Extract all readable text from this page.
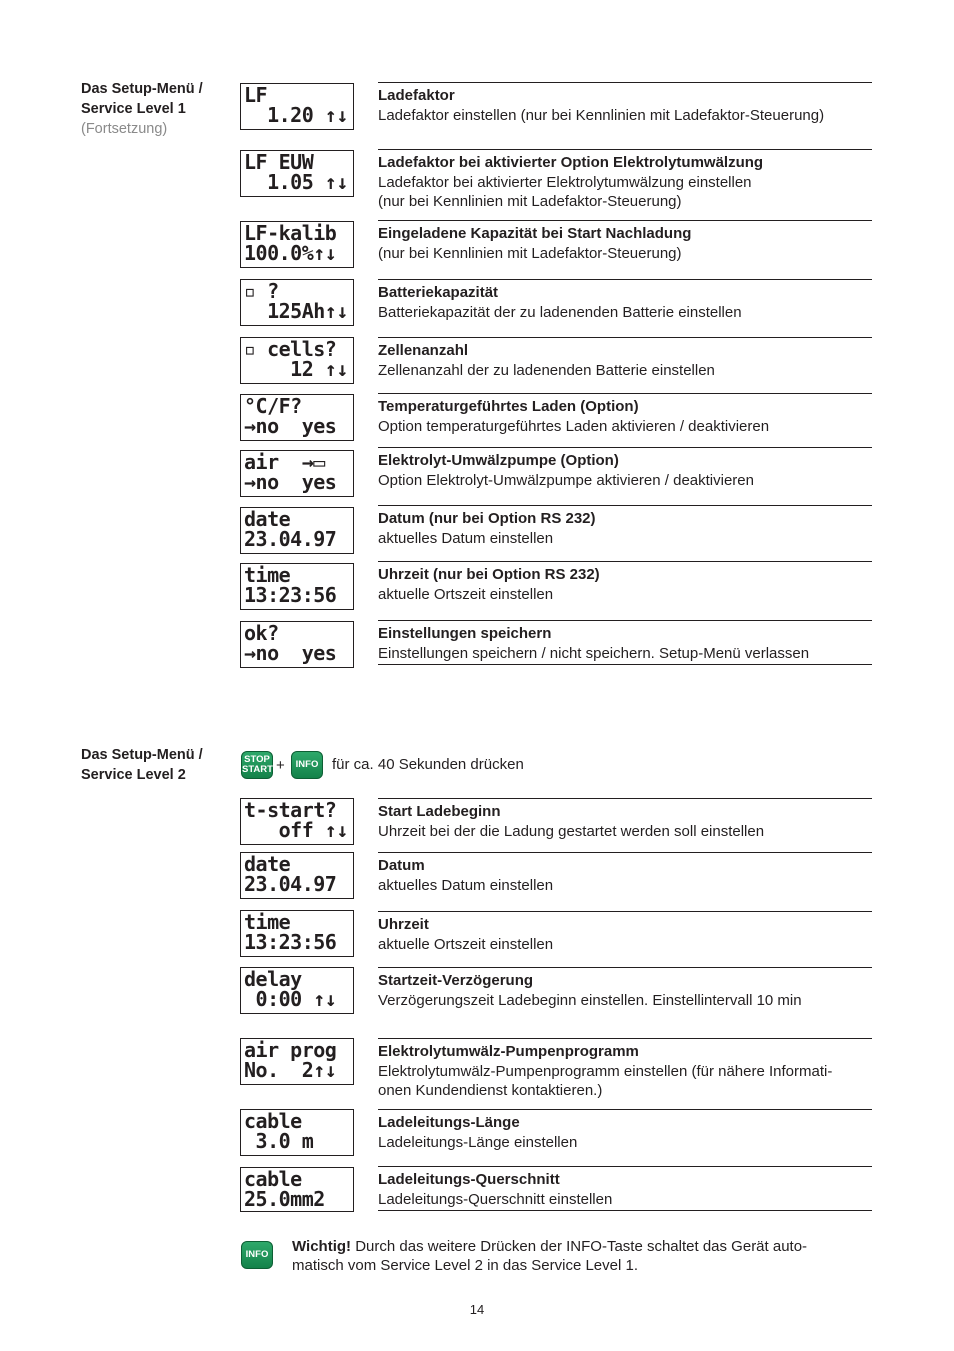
Das Setup-Menü /
Service Level 1
(Fortsetzung)
LF
1.20 ↑↓
Ladefaktor
Ladefaktor einstellen (nur bei Kennlinien mit Ladefaktor-Steuerung)
LF EUW
1.05 ↑↓
Ladefaktor bei aktivierter Option Elektrolytumwälzung
Ladefaktor bei aktivierter Elektrolytumwälzung einstellen
(nur bei Kennlinien mit Ladefaktor-Steuerung)
LF-kalib
100.0%↑↓
Eingeladene Kapazität bei Start Nachladung
(nur bei Kennlinien mit Ladefaktor-Steuerung)
▫ ?
125Ah↑↓
Batteriekapazität
Batteriekapazität der zu ladenenden Batterie einstellen
▫ cells?
12 ↑↓
Zellenanzahl
Zellenanzahl der zu ladenenden Batterie einstellen
°C/F?
→no  yes
Temperaturgeführtes Laden (Option)
Option temperaturgeführtes Laden aktivieren / deaktivieren
air  →▭
→no  yes
Elektrolyt-Umwälzpumpe (Option)
Option Elektrolyt-Umwälzpumpe aktivieren / deaktivieren
date
23.04.97
Datum (nur bei Option RS 232)
aktuelles Datum einstellen
time
13:23:56
Uhrzeit (nur bei Option RS 232)
aktuelle Ortszeit einstellen
ok?
→no  yes
Einstellungen speichern
Einstellungen speichern / nicht speichern. Setup-Menü verlassen
Das Setup-Menü /
Service Level 2
STOP
START +	INFO für ca. 40 Sekunden drücken
t-start?
off ↑↓
Start Ladebeginn
Uhrzeit bei der die Ladung gestartet werden soll einstellen
date
23.04.97
Datum
aktuelles Datum einstellen
time
13:23:56
Uhrzeit
aktuelle Ortszeit einstellen
delay
0:00 ↑↓
Startzeit-Verzögerung
Verzögerungszeit Ladebeginn einstellen. Einstellintervall 10 min
air prog
No.  2↑↓
Elektrolytumwälz-Pumpenprogramm
Elektrolytumwälz-Pumpenprogramm einstellen (für nähere Informati-
onen Kundendienst kontaktieren.)
cable
3.0 m
Ladeleitungs-Länge
Ladeleitungs-Länge einstellen
cable
25.0mm2
Ladeleitungs-Querschnitt
Ladeleitungs-Querschnitt einstellen
INFO Wichtig! Durch das weitere Drücken der INFO-Taste schaltet das Gerät auto-
matisch vom Service Level 2 in das Service Level 1.
14
